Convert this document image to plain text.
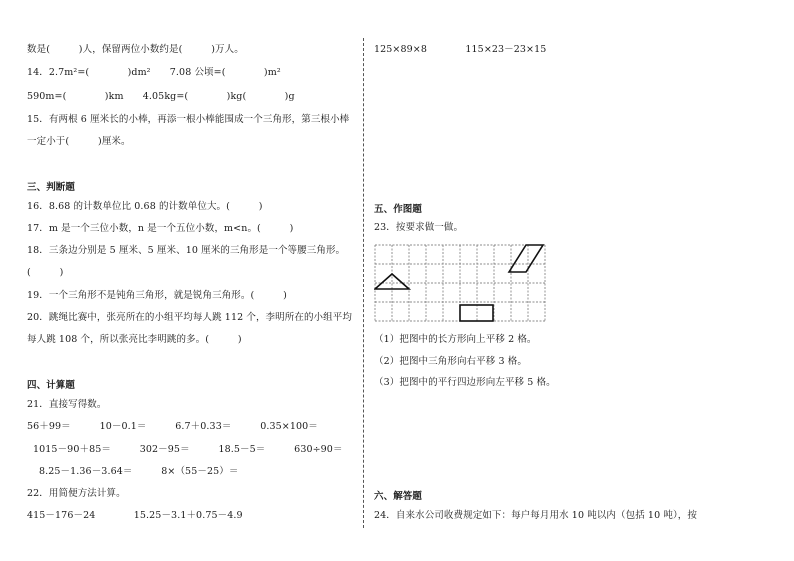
数是(　　　)人，保留两位小数约是(　　　)万人。
14．2.7m²=(　　　　)dm²　　7.08 公顷=(　　　　)m²
590m=(　　　　)km　　4.05kg=(　　　　)kg(　　　　)g
15．有两根 6 厘米长的小棒，再添一根小棒能围成一个三角形，第三根小棒
一定小于(　　　)厘米。
三、判断题
16．8.68 的计数单位比 0.68 的计数单位大。(　　　)
17．m 是一个三位小数，n 是一个五位小数，m<n。(　　　)
18．三条边分别是 5 厘米、5 厘米、10 厘米的三角形是一个等腰三角形。
(　　　)
19．一个三角形不是钝角三角形，就是锐角三角形。(　　　)
20．跳绳比赛中，张亮所在的小组平均每人跳 112 个，李明所在的小组平均
每人跳 108 个，所以张亮比李明跳的多。(　　　)
四、计算题
21．直接写得数。
56＋99＝　　　10－0.1＝　　　6.7＋0.33＝　　　0.35×100＝
1015－90＋85＝　　　302－95＝　　　18.5－5＝　　　630÷90＝
8.25－1.36－3.64＝　　　8×（55－25）＝
22．用简便方法计算。
415－176－24　　　　15.25－3.1＋0.75－4.9
125×89×8　　　　115×23－23×15
五、作图题
23．按要求做一做。
（1）把图中的长方形向上平移 2 格。
（2）把图中三角形向右平移 3 格。
（3）把图中的平行四边形向左平移 5 格。
六、解答题
24．自来水公司收费规定如下：每户每月用水 10 吨以内（包括 10 吨），按
